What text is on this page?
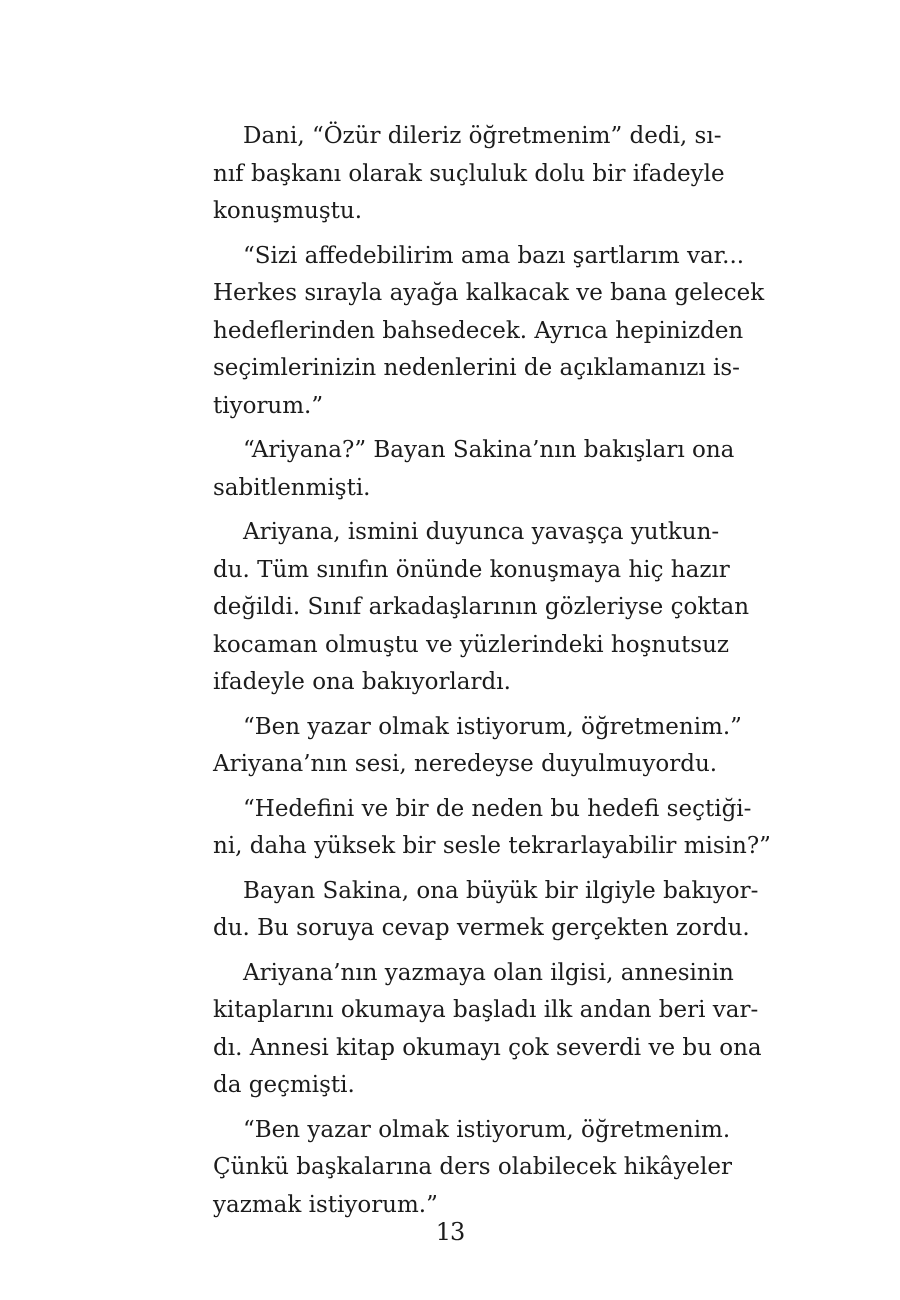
Dani, “Özür dileriz öğretmenim” dedi, sı-
nıf başkanı olarak suçluluk dolu bir ifadeyle
konuşmuştu.
“Sizi affedebilirim ama bazı şartlarım var...
Herkes sırayla ayağa kalkacak ve bana gelecek
hedeflerinden bahsedecek. Ayrıca hepinizden
seçimlerinizin nedenlerini de açıklamanızı is-
tiyorum.”
“Ariyana?” Bayan Sakina’nın bakışları ona
sabitlenmişti.
Ariyana, ismini duyunca yavaşça yutkun-
du. Tüm sınıfın önünde konuşmaya hiç hazır
değildi. Sınıf arkadaşlarının gözleriyse çoktan
kocaman olmuştu ve yüzlerindeki hoşnutsuz
ifadeyle ona bakıyorlardı.
“Ben yazar olmak istiyorum, öğretmenim.”
Ariyana’nın sesi, neredeyse duyulmuyordu.
“Hedefini ve bir de neden bu hedefi seçtiği-
ni, daha yüksek bir sesle tekrarlayabilir misin?”
Bayan Sakina, ona büyük bir ilgiyle bakıyor-
du. Bu soruya cevap vermek gerçekten zordu.
Ariyana’nın yazmaya olan ilgisi, annesinin
kitaplarını okumaya başladı ilk andan beri var-
dı. Annesi kitap okumayı çok severdi ve bu ona
da geçmişti.
“Ben yazar olmak istiyorum, öğretmenim.
Çünkü başkalarına ders olabilecek hikâyeler
yazmak istiyorum.”
13
